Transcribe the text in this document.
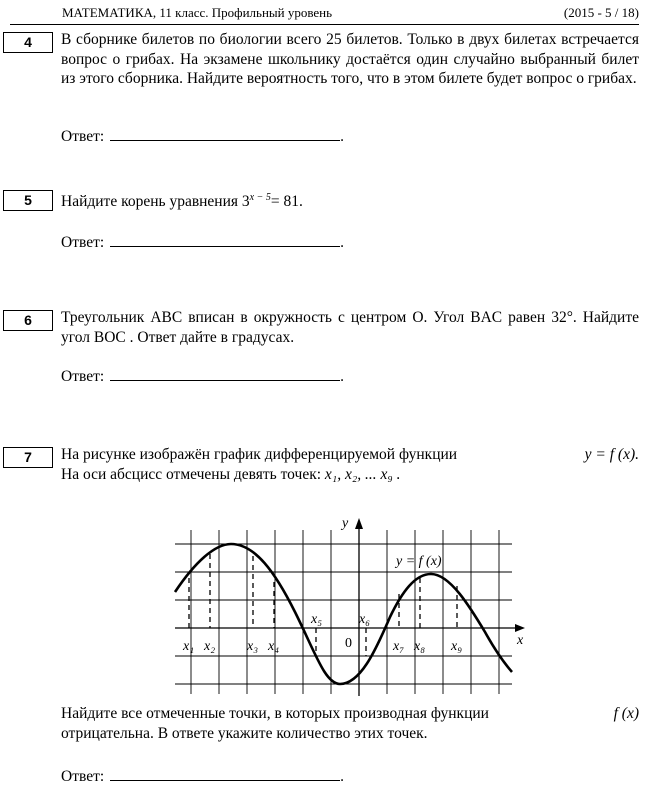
МАТЕМАТИКА, 11 класс. Профильный уровень	(2015 - 5 / 18)
4	В сборнике билетов по биологии всего 25 билетов. Только в двух билетах встречается вопрос о грибах. На экзамене школьнику достаётся один случайно выбранный билет из этого сборника. Найдите вероятность того, что в этом билете будет вопрос о грибах.
Ответ:	.
5	Найдите корень уравнения 3$^{x - 5}$= 81.
Ответ:	.
6	Треугольник ABC вписан в окружность с центром O. Угол BAC равен 32°. Найдите угол BOC . Ответ дайте в градусах.
Ответ:	.
7	На рисунке изображён график дифференцируемой функции	y = f (x).
На оси абсцисс отмечены девять точек: x₁, x₂, ... x₉ .
x
y
y = f (x)
x₁ x₂ x₃ x₄
x₅	x₆
x₇ x₈ x₉
0
Найдите все отмеченные точки, в которых производная функции	f (x)
отрицательна. В ответе укажите количество этих точек.
Ответ:	.
